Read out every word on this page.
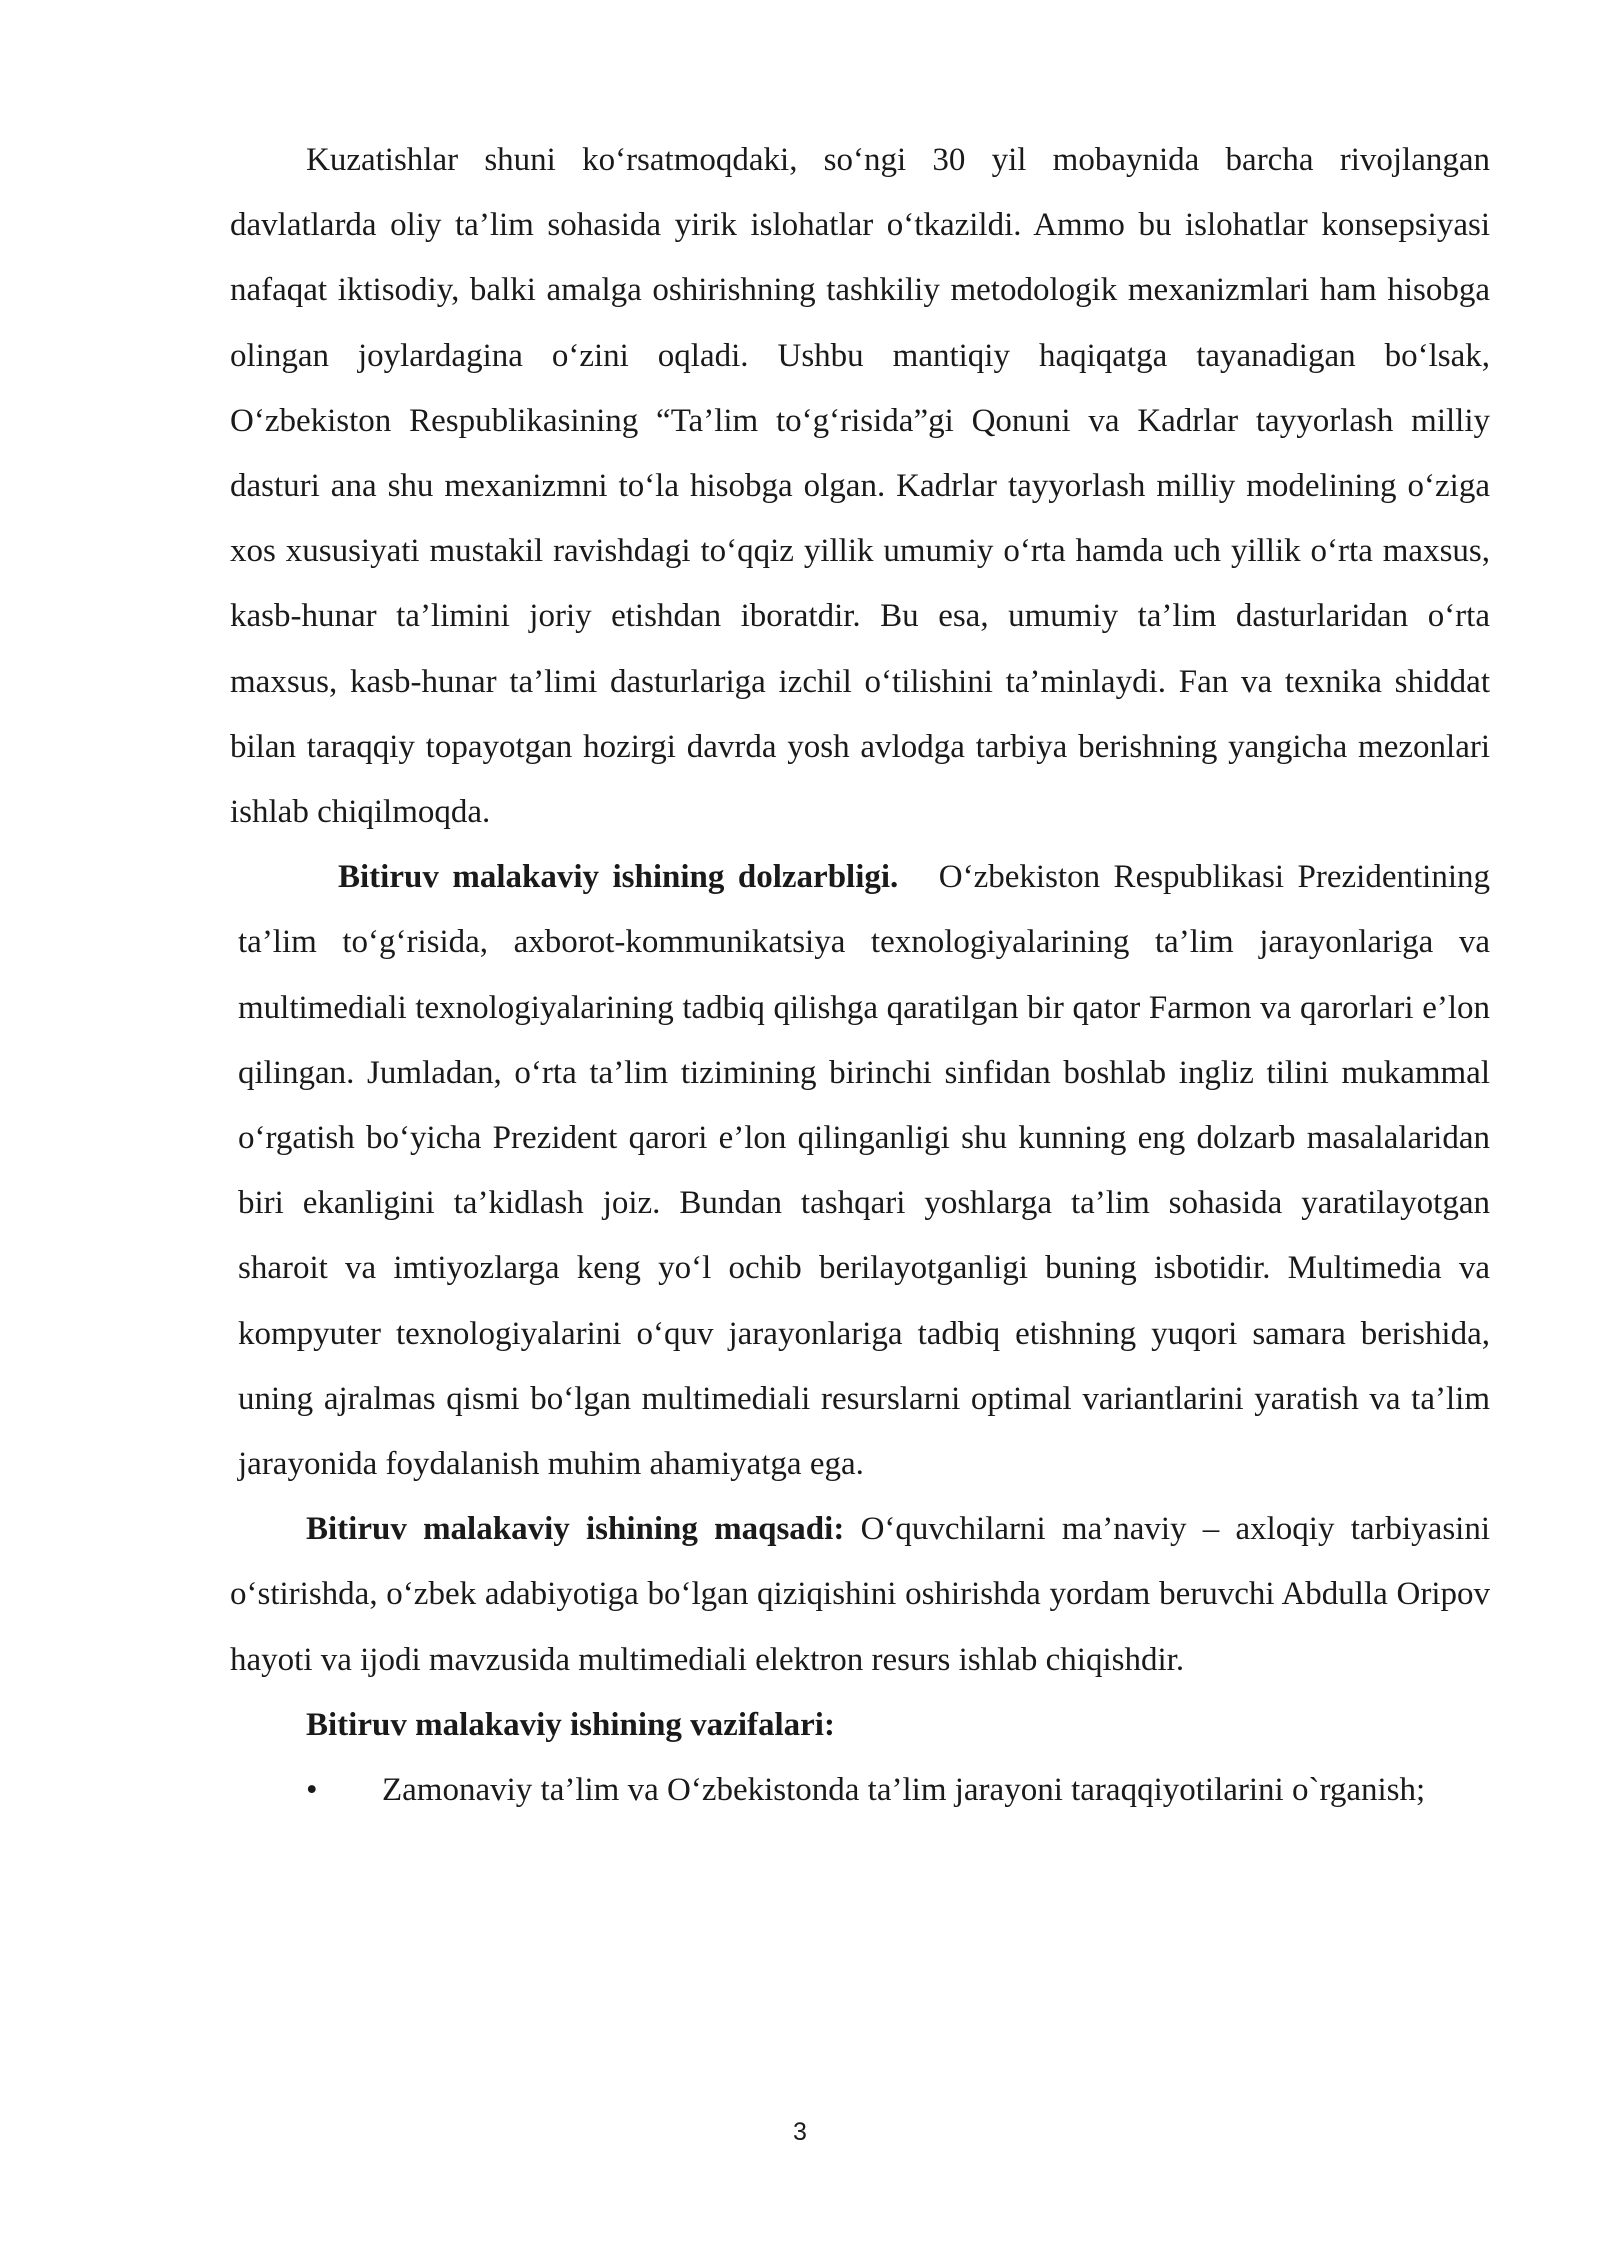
Kuzatishlar shuni ko‘rsatmoqdaki, so‘ngi 30 yil mobaynida barcha rivojlangan davlatlarda oliy ta’lim sohasida yirik islohatlar o‘tkazildi. Ammo bu islohatlar konsepsiyasi nafaqat iktisodiy, balki amalga oshirishning tashkiliy metodologik mexanizmlari ham hisobga olingan joylardagina o‘zini oqladi. Ushbu mantiqiy haqiqatga tayanadigan bo‘lsak, O‘zbekiston Respublikasining “Ta’lim to‘g‘risida”gi Qonuni va Kadrlar tayyorlash milliy dasturi ana shu mexanizmni to‘la hisobga olgan. Kadrlar tayyorlash milliy modelining o‘ziga xos xususiyati mustakil ravishdagi to‘qqiz yillik umumiy o‘rta hamda uch yillik o‘rta maxsus, kasb-hunar ta’limini joriy etishdan iboratdir. Bu esa, umumiy ta’lim dasturlaridan o‘rta maxsus, kasb-hunar ta’limi dasturlariga izchil o‘tilishini ta’minlaydi. Fan va texnika shiddat bilan taraqqiy topayotgan hozirgi davrda yosh avlodga tarbiya berishning yangicha mezonlari ishlab chiqilmoqda.

Bitiruv malakaviy ishining dolzarbligi. O‘zbekiston Respublikasi Prezidentining ta’lim to‘g‘risida, axborot-kommunikatsiya texnologiyalarining ta’lim jarayonlariga va multimediali texnologiyalarining tadbiq qilishga qaratilgan bir qator Farmon va qarorlari e’lon qilingan. Jumladan, o‘rta ta’lim tizimining birinchi sinfidan boshlab ingliz tilini mukammal o‘rgatish bo‘yicha Prezident qarori e’lon qilinganligi shu kunning eng dolzarb masalalaridan biri ekanligini ta’kidlash joiz. Bundan tashqari yoshlarga ta’lim sohasida yaratilayotgan sharoit va imtiyozlarga keng yo‘l ochib berilayotganligi buning isbotidir. Multimedia va kompyuter texnologiyalarini o‘quv jarayonlariga tadbiq etishning yuqori samara berishida, uning ajralmas qismi bo‘lgan multimediali resurslarni optimal variantlarini yaratish va ta’lim jarayonida foydalanish muhim ahamiyatga ega.

Bitiruv malakaviy ishining maqsadi: O‘quvchilarni ma’naviy – axloqiy tarbiyasini o‘stirishda, o‘zbek adabiyotiga bo‘lgan qiziqishini oshirishda yordam beruvchi Abdulla Oripov hayoti va ijodi mavzusida multimediali elektron resurs ishlab chiqishdir.

Bitiruv malakaviy ishining vazifalari:

• Zamonaviy ta’lim va O‘zbekistonda ta’lim jarayoni taraqqiyotilarini o`rganish;

3
